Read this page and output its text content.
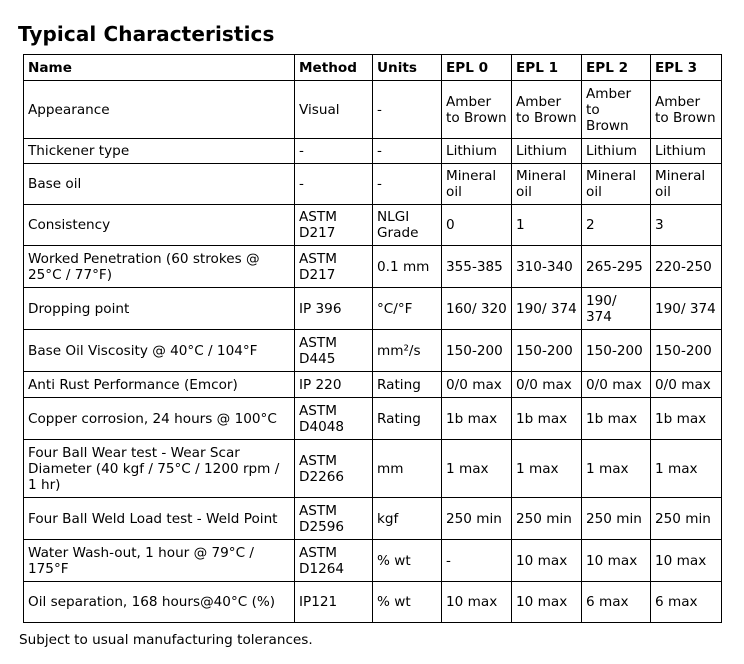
Typical Characteristics
Name	Method	Units	EPL 0	EPL 1	EPL 2	EPL 3
Appearance	Visual	-	Amber to Brown	Amber to Brown	Amber to Brown	Amber to Brown
Thickener type	-	-	Lithium	Lithium	Lithium	Lithium
Base oil	-	-	Mineral oil	Mineral oil	Mineral oil	Mineral oil
Consistency	ASTM D217	NLGI Grade	0	1	2	3
Worked Penetration (60 strokes @ 25°C / 77°F)	ASTM D217	0.1 mm	355-385	310-340	265-295	220-250
Dropping point	IP 396	°C/°F	160/ 320	190/ 374	190/ 374	190/ 374
Base Oil Viscosity @ 40°C / 104°F	ASTM D445	mm²/s	150-200	150-200	150-200	150-200
Anti Rust Performance (Emcor)	IP 220	Rating	0/0 max	0/0 max	0/0 max	0/0 max
Copper corrosion, 24 hours @ 100°C	ASTM D4048	Rating	1b max	1b max	1b max	1b max
Four Ball Wear test - Wear Scar Diameter (40 kgf / 75°C / 1200 rpm / 1 hr)	ASTM D2266	mm	1 max	1 max	1 max	1 max
Four Ball Weld Load test - Weld Point	ASTM D2596	kgf	250 min	250 min	250 min	250 min
Water Wash-out, 1 hour @ 79°C / 175°F	ASTM D1264	% wt	-	10 max	10 max	10 max
Oil separation, 168 hours@40°C (%)	IP121	% wt	10 max	10 max	6 max	6 max
Subject to usual manufacturing tolerances.
